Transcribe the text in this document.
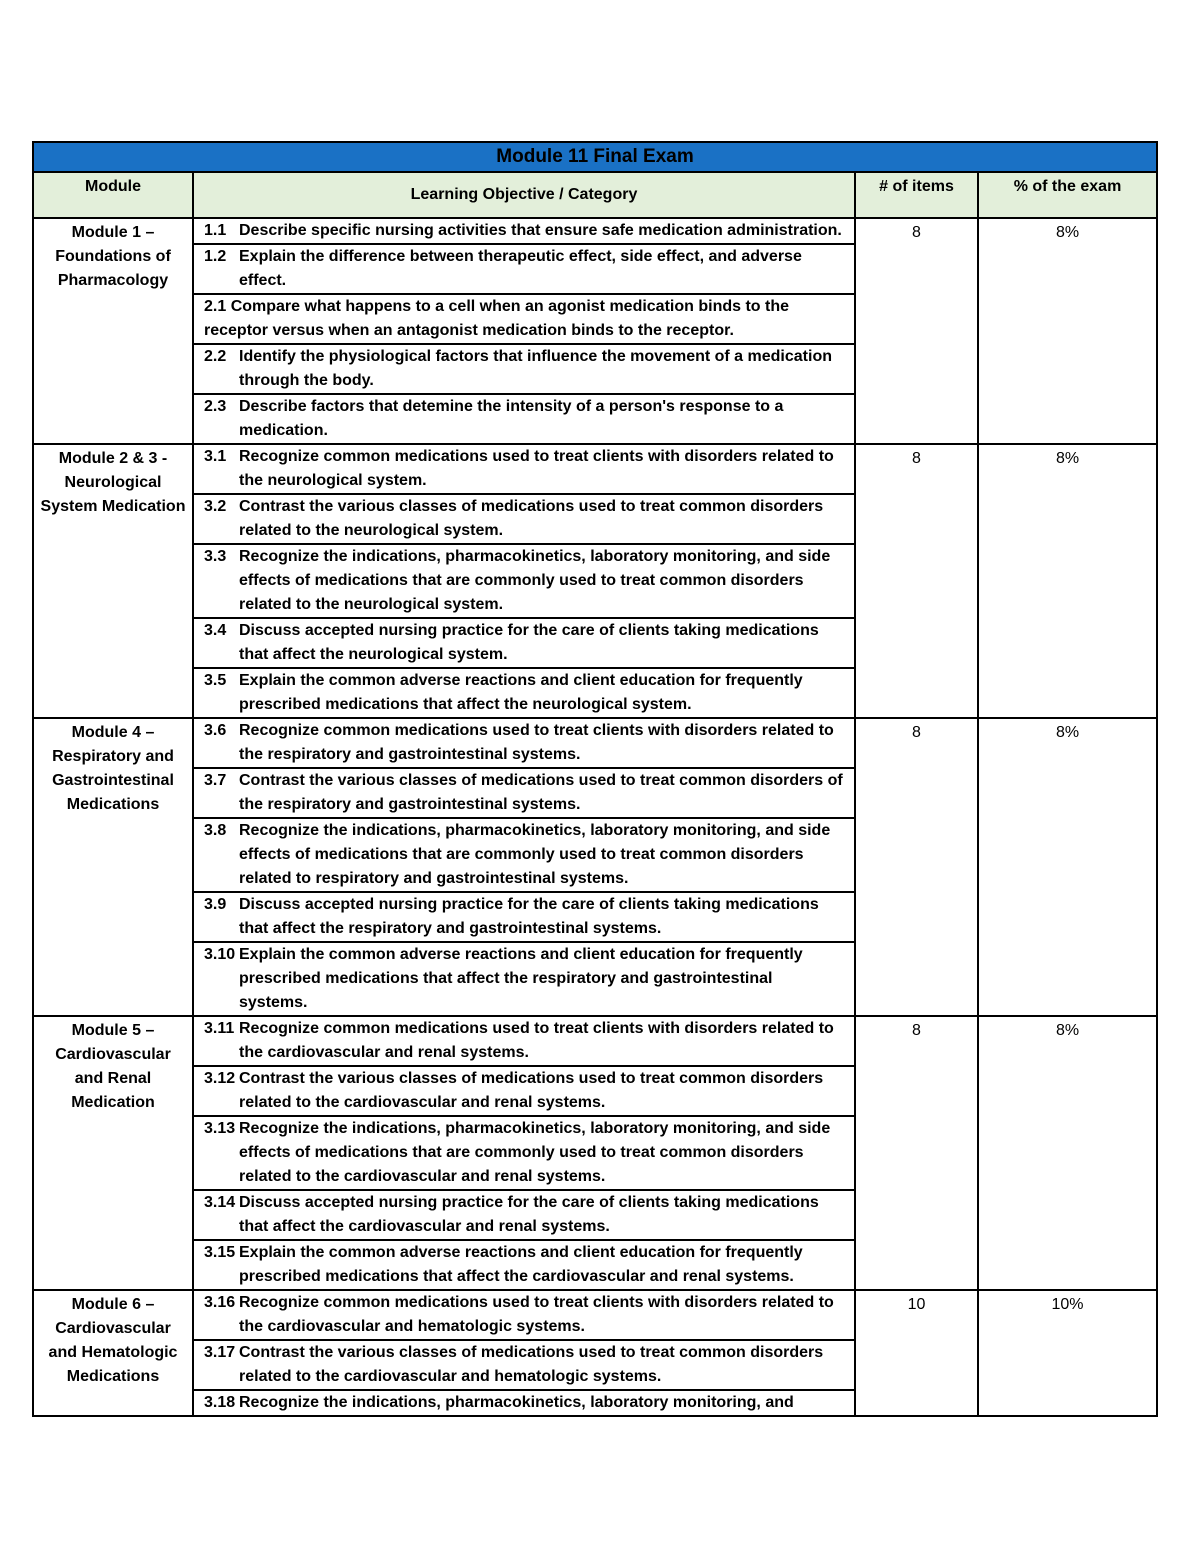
Module 11 Final Exam			
Module	Learning Objective / Category	# of items	% of the exam
Module 1 – Foundations of Pharmacology	1.1 Describe specific nursing activities that ensure safe medication administration.	8	8%

	1.2 Explain the difference between therapeutic effect, side effect, and adverse effect.		

	2.1 Compare what happens to a cell when an agonist medication binds to the receptor versus when an antagonist medication binds to the receptor.		

	2.2 Identify the physiological factors that influence the movement of a medication through the body.		

	2.3 Describe factors that detemine the intensity of a person's response to a medication.		

Module 2 & 3 - Neurological System Medication	3.1 Recognize common medications used to treat clients with disorders related to the neurological system.	8	8%

	3.2 Contrast the various classes of medications used to treat common disorders related to the neurological system.		

	3.3 Recognize the indications, pharmacokinetics, laboratory monitoring, and side effects of medications that are commonly used to treat common disorders related to the neurological system.		

	3.4 Discuss accepted nursing practice for the care of clients taking medications that affect the neurological system.		

	3.5 Explain the common adverse reactions and client education for frequently prescribed medications that affect the neurological system.		

Module 4 – Respiratory and Gastrointestinal Medications	3.6 Recognize common medications used to treat clients with disorders related to the respiratory and gastrointestinal systems.	8	8%

	3.7 Contrast the various classes of medications used to treat common disorders of the respiratory and gastrointestinal systems.		

	3.8 Recognize the indications, pharmacokinetics, laboratory monitoring, and side effects of medications that are commonly used to treat common disorders related to respiratory and gastrointestinal systems.		

	3.9 Discuss accepted nursing practice for the care of clients taking medications that affect the respiratory and gastrointestinal systems.		

	3.10 Explain the common adverse reactions and client education for frequently prescribed medications that affect the respiratory and gastrointestinal systems.		

Module 5 – Cardiovascular and Renal Medication	3.11 Recognize common medications used to treat clients with disorders related to the cardiovascular and renal systems.	8	8%

	3.12 Contrast the various classes of medications used to treat common disorders related to the cardiovascular and renal systems.		

	3.13 Recognize the indications, pharmacokinetics, laboratory monitoring, and side effects of medications that are commonly used to treat common disorders related to the cardiovascular and renal systems.		

	3.14 Discuss accepted nursing practice for the care of clients taking medications that affect the cardiovascular and renal systems.		

	3.15 Explain the common adverse reactions and client education for frequently prescribed medications that affect the cardiovascular and renal systems.		

Module 6 – Cardiovascular and Hematologic Medications	3.16 Recognize common medications used to treat clients with disorders related to the cardiovascular and hematologic systems.	10	10%

	3.17 Contrast the various classes of medications used to treat common disorders related to the cardiovascular and hematologic systems.		

	3.18 Recognize the indications, pharmacokinetics, laboratory monitoring, and		
